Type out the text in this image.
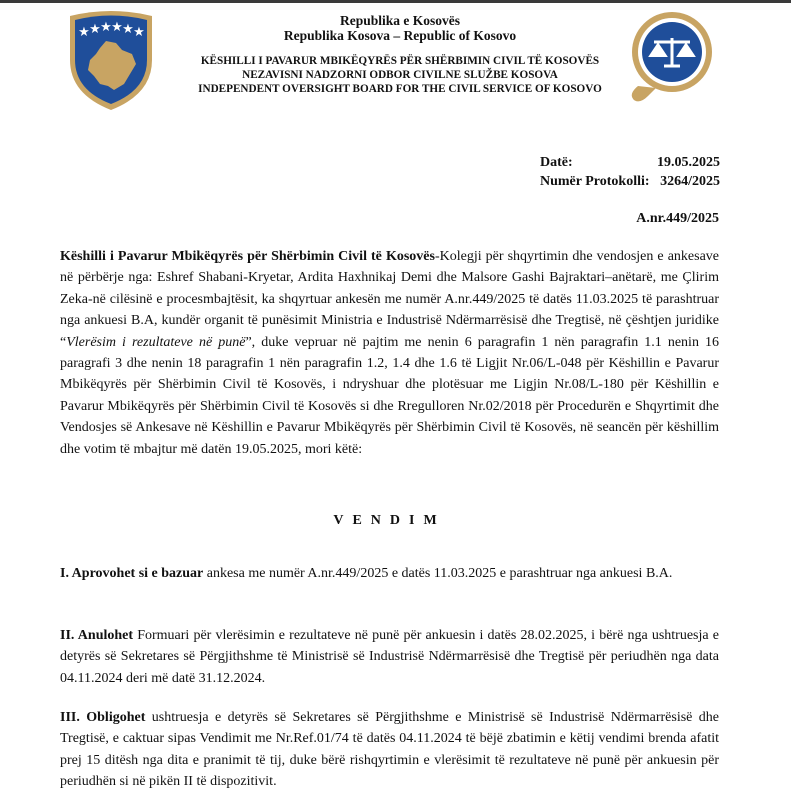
★ ★ ★ ★ ★ ★
Republika e Kosovës
Republika Kosova – Republic of Kosovo
KËSHILLI I PAVARUR MBIKËQYRËS PËR SHËRBIMIN CIVIL TË KOSOVËS
NEZAVISNI NADZORNI ODBOR CIVILNE SLUŽBE KOSOVA
INDEPENDENT OVERSIGHT BOARD FOR THE CIVIL SERVICE OF KOSOVO
Datë:	19.05.2025
Numër Protokolli: 3264/2025
A.nr.449/2025

Këshilli i Pavarur Mbikëqyrës për Shërbimin Civil të Kosovës-Kolegji për shqyrtimin dhe vendosjen e ankesave në përbërje nga: Eshref Shabani-Kryetar, Ardita Haxhnikaj Demi dhe Malsore Gashi Bajraktari–anëtarë, me Çlirim Zeka-në cilësinë e procesmbajtësit, ka shqyrtuar ankesën me numër A.nr.449/2025 të datës 11.03.2025 të parashtruar nga ankuesi B.A, kundër organit të punësimit Ministria e Industrisë Ndërmarrësisë dhe Tregtisë, në çështjen juridike “Vlerësim i rezultateve në punë”, duke vepruar në pajtim me nenin 6 paragrafin 1 nën paragrafin 1.1 nenin 16 paragrafi 3 dhe nenin 18 paragrafin 1 nën paragrafin 1.2, 1.4 dhe 1.6 të Ligjit Nr.06/L-048 për Këshillin e Pavarur Mbikëqyrës për Shërbimin Civil të Kosovës, i ndryshuar dhe plotësuar me Ligjin Nr.08/L-180 për Këshillin e Pavarur Mbikëqyrës për Shërbimin Civil të Kosovës si dhe Rregulloren Nr.02/2018 për Procedurën e Shqyrtimit dhe Vendosjes së Ankesave në Këshillin e Pavarur Mbikëqyrës për Shërbimin Civil të Kosovës, në seancën për këshillim dhe votim të mbajtur më datën 19.05.2025, mori këtë:

VENDIM

I. Aprovohet si e bazuar ankesa me numër A.nr.449/2025 e datës 11.03.2025 e parashtruar nga ankuesi B.A.

II. Anulohet Formuari për vlerësimin e rezultateve në punë për ankuesin i datës 28.02.2025, i bërë nga ushtruesja e detyrës së Sekretares së Përgjithshme të Ministrisë së Industrisë Ndërmarrësisë dhe Tregtisë për periudhën nga data 04.11.2024 deri më datë 31.12.2024.

III. Obligohet ushtruesja e detyrës së Sekretares së Përgjithshme e Ministrisë së Industrisë Ndërmarrësisë dhe Tregtisë, e caktuar sipas Vendimit me Nr.Ref.01/74 të datës 04.11.2024 të bëjë zbatimin e këtij vendimi brenda afatit prej 15 ditësh nga dita e pranimit të tij, duke bërë rishqyrtimin e vlerësimit të rezultateve në punë për ankuesin për periudhën si në pikën II të dispozitivit.
